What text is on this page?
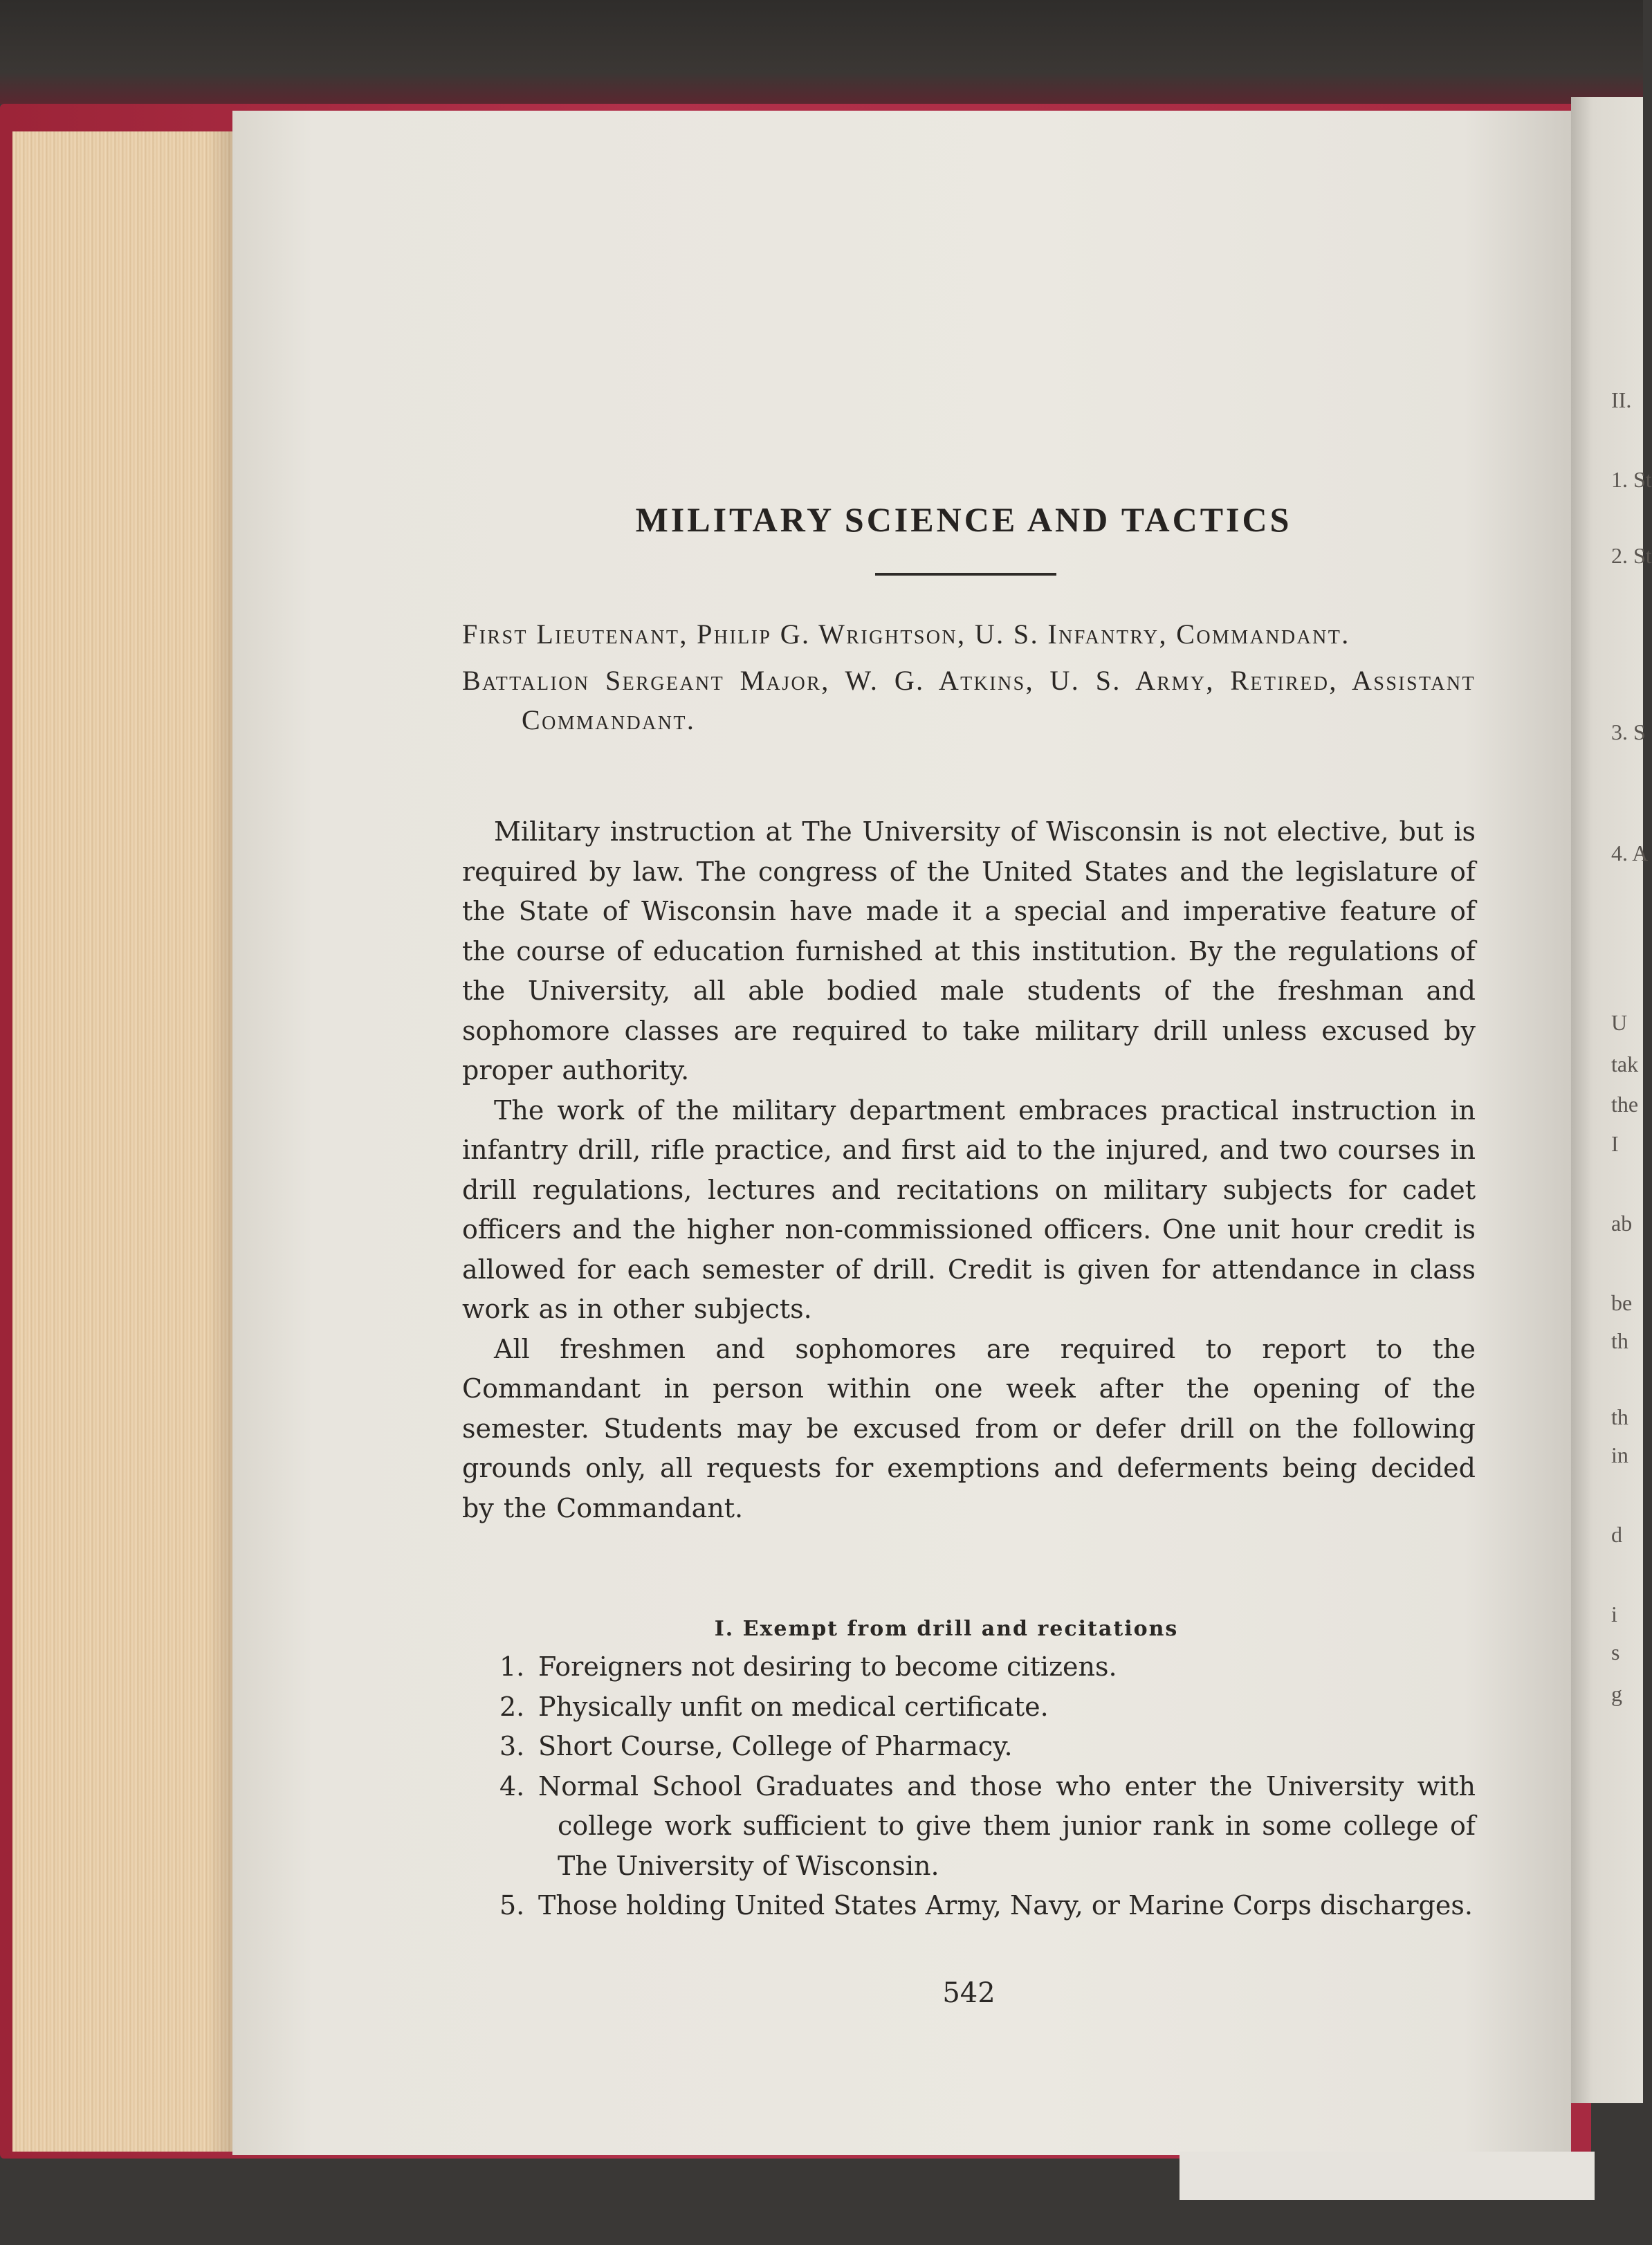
II.
1. St
2. St
3. S
4. A
U
tak
the
I
ab
be
th
th
in
d
i
s
g
MILITARY SCIENCE AND TACTICS

First Lieutenant, Philip G. Wrightson, U. S. Infantry, Commandant.

Battalion Sergeant Major, W. G. Atkins, U. S. Army, Retired, Assistant Commandant.

Military instruction at The University of Wisconsin is not elective, but is required by law. The congress of the United States and the legislature of the State of Wisconsin have made it a special and imperative feature of the course of education furnished at this institution. By the regulations of the University, all able bodied male students of the freshman and sophomore classes are required to take military drill unless excused by proper authority.

The work of the military department embraces practical instruction in infantry drill, rifle practice, and first aid to the injured, and two courses in drill regulations, lectures and recitations on military subjects for cadet officers and the higher non-commissioned officers. One unit hour credit is allowed for each semester of drill. Credit is given for attendance in class work as in other subjects.

All freshmen and sophomores are required to report to the Commandant in person within one week after the opening of the semester. Students may be excused from or defer drill on the following grounds only, all requests for exemptions and deferments being decided by the Commandant.

I. Exempt from drill and recitations

1. Foreigners not desiring to become citizens.

2. Physically unfit on medical certificate.

3. Short Course, College of Pharmacy.

4. Normal School Graduates and those who enter the University with college work sufficient to give them junior rank in some college of The University of Wisconsin.

5. Those holding United States Army, Navy, or Marine Corps discharges.

542
